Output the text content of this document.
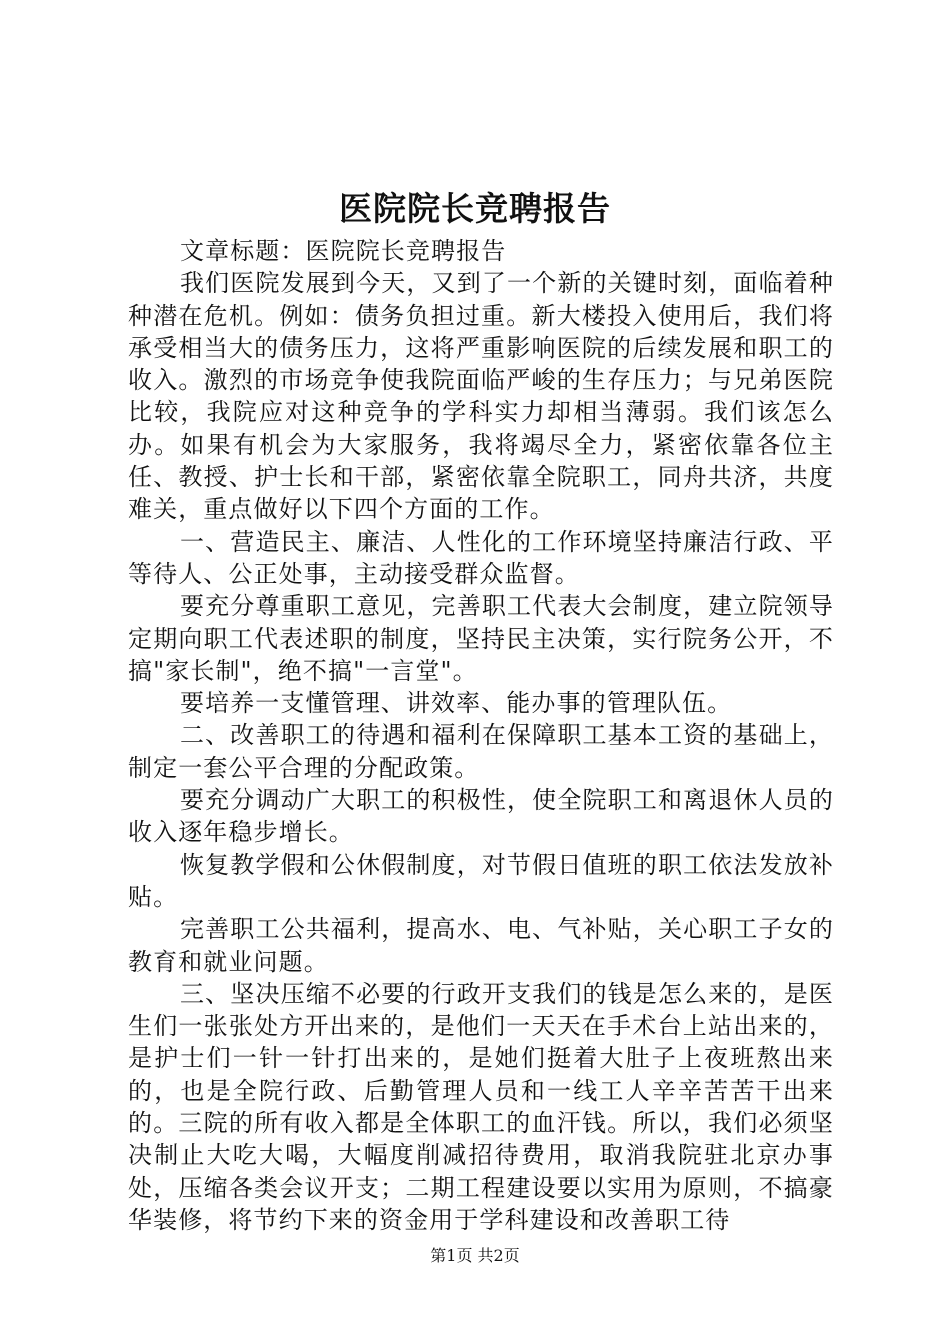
医院院长竞聘报告

文章标题：医院院长竞聘报告

我们医院发展到今天，又到了一个新的关键时刻，面临着种种潜在危机。例如：债务负担过重。新大楼投入使用后，我们将承受相当大的债务压力，这将严重影响医院的后续发展和职工的收入。激烈的市场竞争使我院面临严峻的生存压力；与兄弟医院比较，我院应对这种竞争的学科实力却相当薄弱。我们该怎么办。如果有机会为大家服务，我将竭尽全力，紧密依靠各位主任、教授、护士长和干部，紧密依靠全院职工，同舟共济，共度难关，重点做好以下四个方面的工作。

一、营造民主、廉洁、人性化的工作环境坚持廉洁行政、平等待人、公正处事，主动接受群众监督。

要充分尊重职工意见，完善职工代表大会制度，建立院领导定期向职工代表述职的制度，坚持民主决策，实行院务公开，不搞"家长制"，绝不搞"一言堂"。

要培养一支懂管理、讲效率、能办事的管理队伍。

二、改善职工的待遇和福利在保障职工基本工资的基础上，制定一套公平合理的分配政策。

要充分调动广大职工的积极性，使全院职工和离退休人员的收入逐年稳步增长。

恢复教学假和公休假制度，对节假日值班的职工依法发放补贴。

完善职工公共福利，提高水、电、气补贴，关心职工子女的教育和就业问题。

三、坚决压缩不必要的行政开支我们的钱是怎么来的，是医生们一张张处方开出来的，是他们一天天在手术台上站出来的，是护士们一针一针打出来的，是她们挺着大肚子上夜班熬出来的，也是全院行政、后勤管理人员和一线工人辛辛苦苦干出来的。三院的所有收入都是全体职工的血汗钱。所以，我们必须坚决制止大吃大喝，大幅度削减招待费用，取消我院驻北京办事处，压缩各类会议开支；二期工程建设要以实用为原则，不搞豪华装修，将节约下来的资金用于学科建设和改善职工待

第1页 共2页
